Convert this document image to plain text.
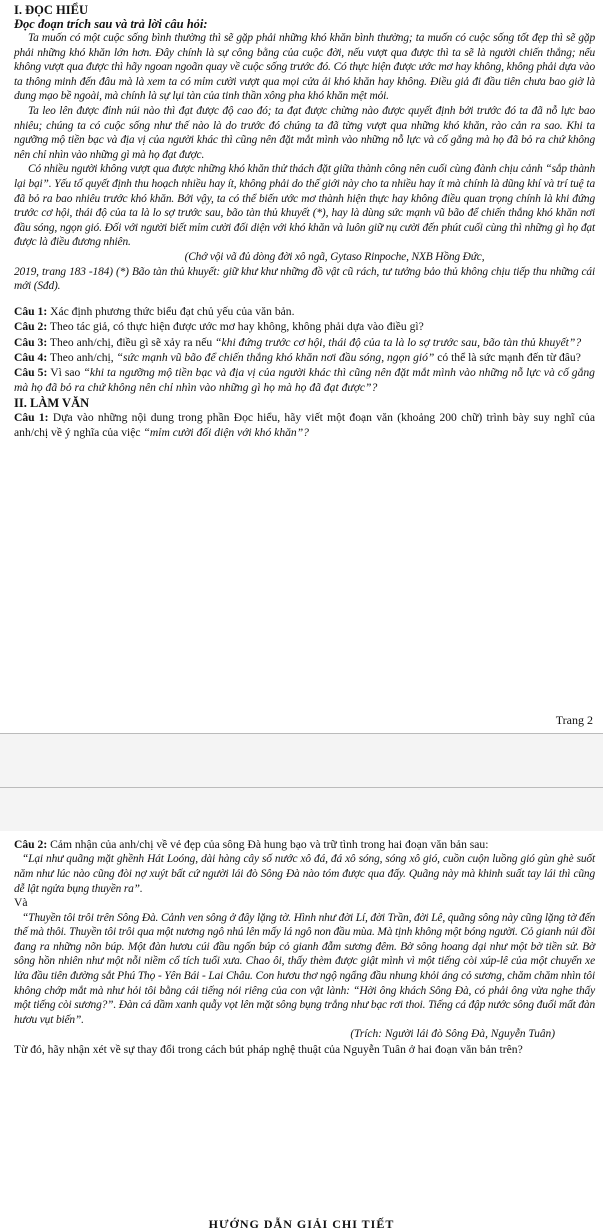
I. ĐỌC HIỂU

Đọc đoạn trích sau và trả lời câu hỏi:

Ta muốn có một cuộc sống bình thường thì sẽ gặp phải những khó khăn bình thường; ta muốn có cuộc sống tốt đẹp thì sẽ gặp phải những khó khăn lớn hơn. Đây chính là sự công bằng của cuộc đời, nếu vượt qua được thì ta sẽ là người chiến thắng; nếu không vượt qua được thì hãy ngoan ngoãn quay về cuộc sống trước đó. Có thực hiện được ước mơ hay không, không phải dựa vào ta thông minh đến đâu mà là xem ta có mỉm cười vượt qua mọi cửa ải khó khăn hay không. Điều giả đi đầu tiên chưa bao giờ là dung mạo bề ngoài, mà chính là sự lụi tàn của tinh thần xông pha khó khăn mệt mỏi.

Ta leo lên được đỉnh núi nào thì đạt được độ cao đó; ta đạt được chừng nào được quyết định bởi trước đó ta đã nỗ lực bao nhiêu; chúng ta có cuộc sống như thế nào là do trước đó chúng ta đã từng vượt qua những khó khăn, rào cản ra sao. Khi ta ngưỡng mộ tiền bạc và địa vị của người khác thì cũng nên đặt mắt mình vào những nỗ lực và cố gắng mà họ đã bỏ ra chứ không nên chỉ nhìn vào những gì mà họ đạt được.

Có nhiều người không vượt qua được những khó khăn thử thách đặt giữa thành công nên cuối cùng đành chịu cảnh “sắp thành lại bại”. Yếu tố quyết định thu hoạch nhiều hay ít, không phải do thế giới này cho ta nhiều hay ít mà chính là dũng khí và trí tuệ ta đã bỏ ra bao nhiêu trước khó khăn. Bởi vậy, ta có thể biến ước mơ thành hiện thực hay không điều quan trọng chính là khi đứng trước cơ hội, thái độ của ta là lo sợ trước sau, bão tàn thủ khuyết (*), hay là dùng sức mạnh vũ bão để chiến thắng khó khăn nơi đầu sóng, ngọn gió. Đối với người biết mỉm cười đối diện với khó khăn và luôn giữ nụ cười đến phút cuối cùng thì những gì họ đạt được là điều đương nhiên.

(Chớ vội vã đủ dòng đời xô ngã, Gytaso Rinpoche, NXB Hồng Đức,
2019, trang 183 -184) (*) Bão tàn thủ khuyết: giữ khư khư những đồ vật cũ rách, tư tưởng bảo thủ không chịu tiếp thu những cái mới (Sđd).

Câu 1: Xác định phương thức biểu đạt chủ yếu của văn bản.

Câu 2: Theo tác giả, có thực hiện được ước mơ hay không, không phải dựa vào điều gì?

Câu 3: Theo anh/chị, điều gì sẽ xảy ra nếu “khi đứng trước cơ hội, thái độ của ta là lo sợ trước sau, bão tàn thủ khuyết”?

Câu 4: Theo anh/chị, “sức mạnh vũ bão để chiến thắng khó khăn nơi đầu sóng, ngọn gió” có thể là sức mạnh đến từ đâu?

Câu 5: Vì sao “khi ta ngưỡng mộ tiền bạc và địa vị của người khác thì cũng nên đặt mắt mình vào những nỗ lực và cố gắng mà họ đã bỏ ra chứ không nên chỉ nhìn vào những gì họ mà họ đã đạt được”?

II. LÀM VĂN

Câu 1: Dựa vào những nội dung trong phần Đọc hiểu, hãy viết một đoạn văn (khoảng 200 chữ) trình bày suy nghĩ của anh/chị về ý nghĩa của việc “mỉm cười đối diện với khó khăn”?

Trang 2

Câu 2: Cảm nhận của anh/chị về vẻ đẹp của sông Đà hung bạo và trữ tình trong hai đoạn văn bản sau:

“Lại như quãng mặt ghềnh Hát Loóng, dài hàng cây số nước xô đá, đá xô sóng, sóng xô gió, cuồn cuộn luồng gió gùn ghè suốt năm như lúc nào cũng đòi nợ xuýt bất cứ người lái đò Sông Đà nào tóm được qua đấy. Quãng này mà khinh suất tay lái thì cũng dễ lật ngửa bụng thuyền ra”.

Và

“Thuyền tôi trôi trên Sông Đà. Cảnh ven sông ở đây lặng tờ. Hình như đời Lí, đời Trần, đời Lê, quãng sông này cũng lặng tờ đến thế mà thôi. Thuyền tôi trôi qua một nương ngô nhú lên mấy lá ngô non đầu mùa. Mà tịnh không một bóng người. Cỏ gianh núi đồi đang ra những nõn búp. Một đàn hươu cúi đầu ngốn búp cỏ gianh đẫm sương đêm. Bờ sông hoang dại như một bờ tiền sử. Bờ sông hồn nhiên như một nỗi niềm cổ tích tuổi xưa. Chao ôi, thấy thèm được giật mình vì một tiếng còi xúp-lê của một chuyến xe lửa đầu tiên đường sắt Phú Thọ - Yên Bái - Lai Châu. Con hươu thơ ngộ ngẩng đầu nhung khỏi áng cỏ sương, chăm chăm nhìn tôi không chớp mắt mà như hỏi tôi bằng cái tiếng nói riêng của con vật lành: “Hời ông khách Sông Đà, có phải ông vừa nghe thấy một tiếng còi sương?”. Đàn cá dầm xanh quẫy vọt lên mặt sông bụng trắng như bạc rơi thoi. Tiếng cá đập nước sông đuổi mất đàn hươu vụt biến”.

(Trích: Người lái đò Sông Đà, Nguyễn Tuân)

Từ đó, hãy nhận xét về sự thay đổi trong cách bút pháp nghệ thuật của Nguyễn Tuân ở hai đoạn văn bản trên?

HƯỚNG DẪN GIẢI CHI TIẾT
